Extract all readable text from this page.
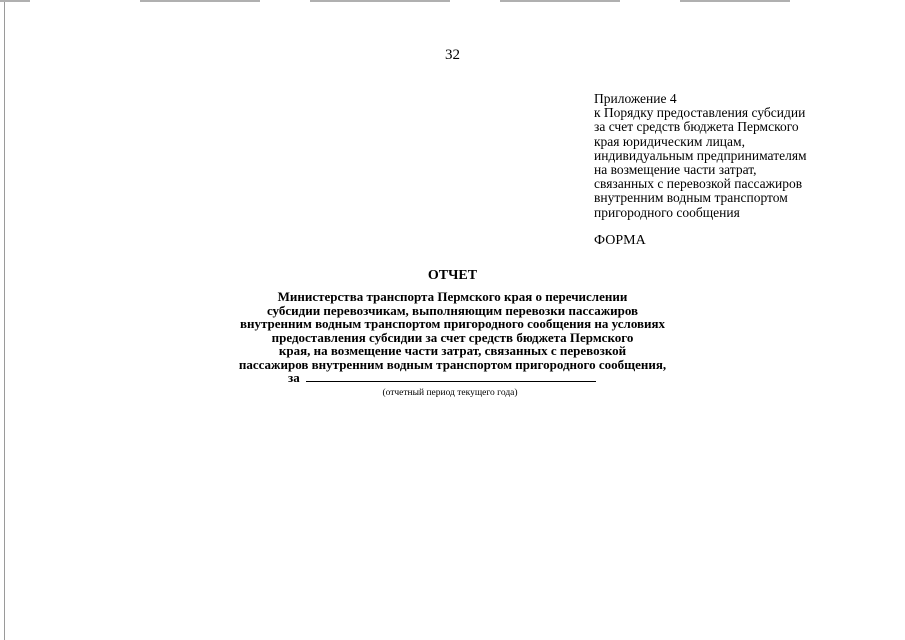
32
Приложение 4
к Порядку предоставления субсидии
за счет средств бюджета Пермского
края юридическим лицам,
индивидуальным предпринимателям
на возмещение части затрат,
связанных с перевозкой пассажиров
внутренним водным транспортом
пригородного сообщения
ФОРМА
ОТЧЕТ
Министерства транспорта Пермского края о перечислении
субсидии перевозчикам, выполняющим перевозки пассажиров
внутренним водным транспортом пригородного сообщения на условиях
предоставления субсидии за счет средств бюджета Пермского
края, на возмещение части затрат, связанных с перевозкой
пассажиров внутренним водным транспортом пригородного сообщения,
за
(отчетный период текущего года)
